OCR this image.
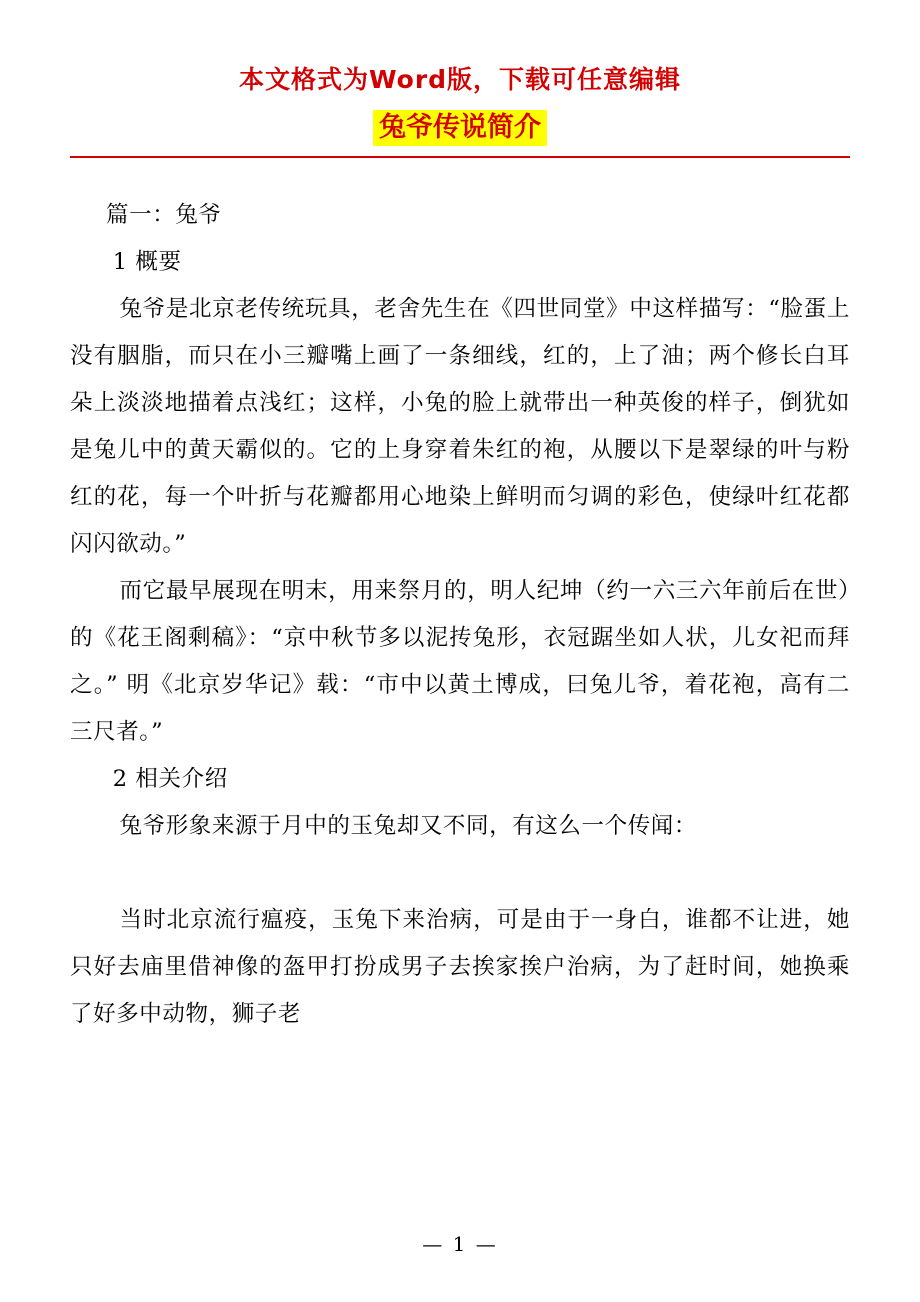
本文格式为Word版，下载可任意编辑
兔爷传说简介

篇一：兔爷

1 概要

兔爷是北京老传统玩具，老舍先生在《四世同堂》中这样描写：“脸蛋上没有胭脂，而只在小三瓣嘴上画了一条细线，红的，上了油；两个修长白耳朵上淡淡地描着点浅红；这样，小兔的脸上就带出一种英俊的样子，倒犹如是兔儿中的黄天霸似的。它的上身穿着朱红的袍，从腰以下是翠绿的叶与粉红的花，每一个叶折与花瓣都用心地染上鲜明而匀调的彩色，使绿叶红花都闪闪欲动。”

而它最早展现在明末，用来祭月的，明人纪坤（约一六三六年前后在世）的《花王阁剩稿》：“京中秋节多以泥抟兔形，衣冠踞坐如人状，儿女祀而拜之。” 明《北京岁华记》载：“市中以黄土博成，曰兔儿爷，着花袍，高有二三尺者。”

2 相关介绍

兔爷形象来源于月中的玉兔却又不同，有这么一个传闻：

当时北京流行瘟疫，玉兔下来治病，可是由于一身白，谁都不让进，她只好去庙里借神像的盔甲打扮成男子去挨家挨户治病，为了赶时间，她换乘了好多中动物，狮子老

— 1 —
